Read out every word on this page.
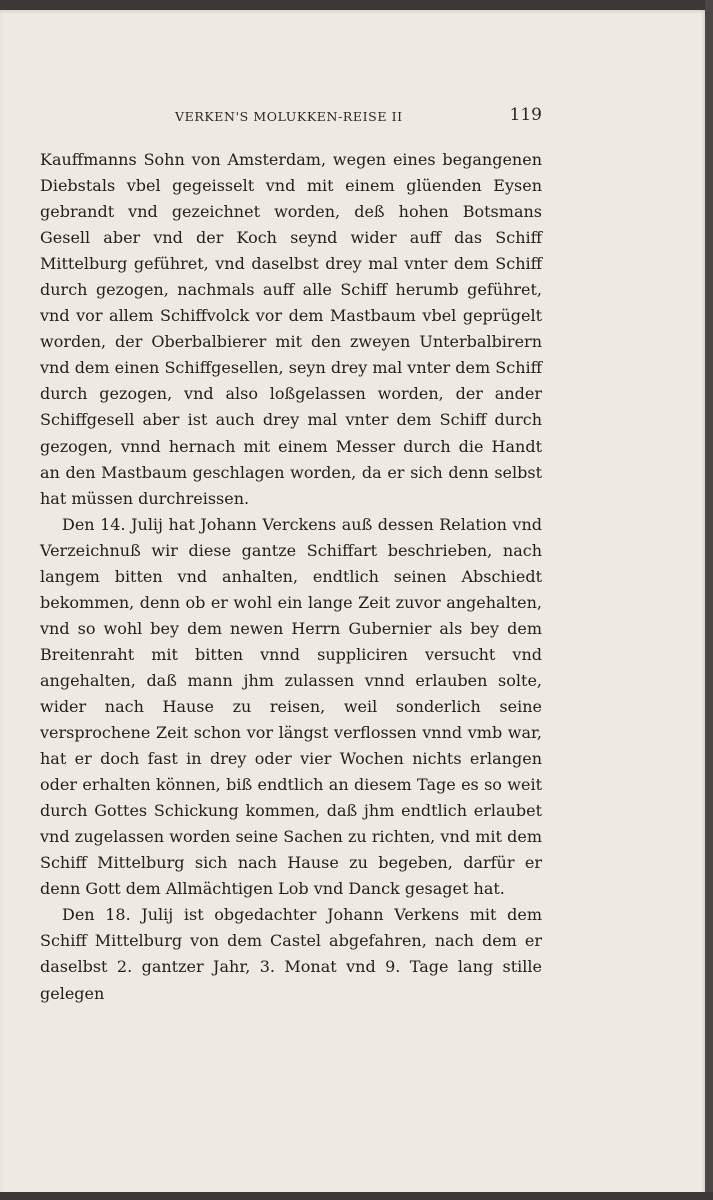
VERKEN'S MOLUKKEN-REISE II	119

Kauffmanns Sohn von Amsterdam, wegen eines begangenen Diebstals vbel gegeisselt vnd mit einem glüenden Eysen gebrandt vnd gezeichnet worden, deß hohen Botsmans Gesell aber vnd der Koch seynd wider auff das Schiff Mittelburg geführet, vnd daselbst drey mal vnter dem Schiff durch gezogen, nachmals auff alle Schiff herumb geführet, vnd vor allem Schiffvolck vor dem Mastbaum vbel geprügelt worden, der Oberbalbierer mit den zweyen Unterbalbirern vnd dem einen Schiffgesellen, seyn drey mal vnter dem Schiff durch gezogen, vnd also loßgelassen worden, der ander Schiffgesell aber ist auch drey mal vnter dem Schiff durch gezogen, vnnd hernach mit einem Messer durch die Handt an den Mastbaum geschlagen worden, da er sich denn selbst hat müssen durchreissen.

Den 14. Julij hat Johann Verckens auß dessen Relation vnd Verzeichnuß wir diese gantze Schiffart beschrieben, nach langem bitten vnd anhalten, endtlich seinen Abschiedt bekommen, denn ob er wohl ein lange Zeit zuvor angehalten, vnd so wohl bey dem newen Herrn Gubernier als bey dem Breitenraht mit bitten vnnd suppliciren versucht vnd angehalten, daß mann jhm zulassen vnnd erlauben solte, wider nach Hause zu reisen, weil sonderlich seine versprochene Zeit schon vor längst verflossen vnnd vmb war, hat er doch fast in drey oder vier Wochen nichts erlangen oder erhalten können, biß endtlich an diesem Tage es so weit durch Gottes Schickung kommen, daß jhm endtlich erlaubet vnd zugelassen worden seine Sachen zu richten, vnd mit dem Schiff Mittelburg sich nach Hause zu begeben, darfür er denn Gott dem Allmächtigen Lob vnd Danck gesaget hat.

Den 18. Julij ist obgedachter Johann Verkens mit dem Schiff Mittelburg von dem Castel abgefahren, nach dem er daselbst 2. gantzer Jahr, 3. Monat vnd 9. Tage lang stille gelegen
